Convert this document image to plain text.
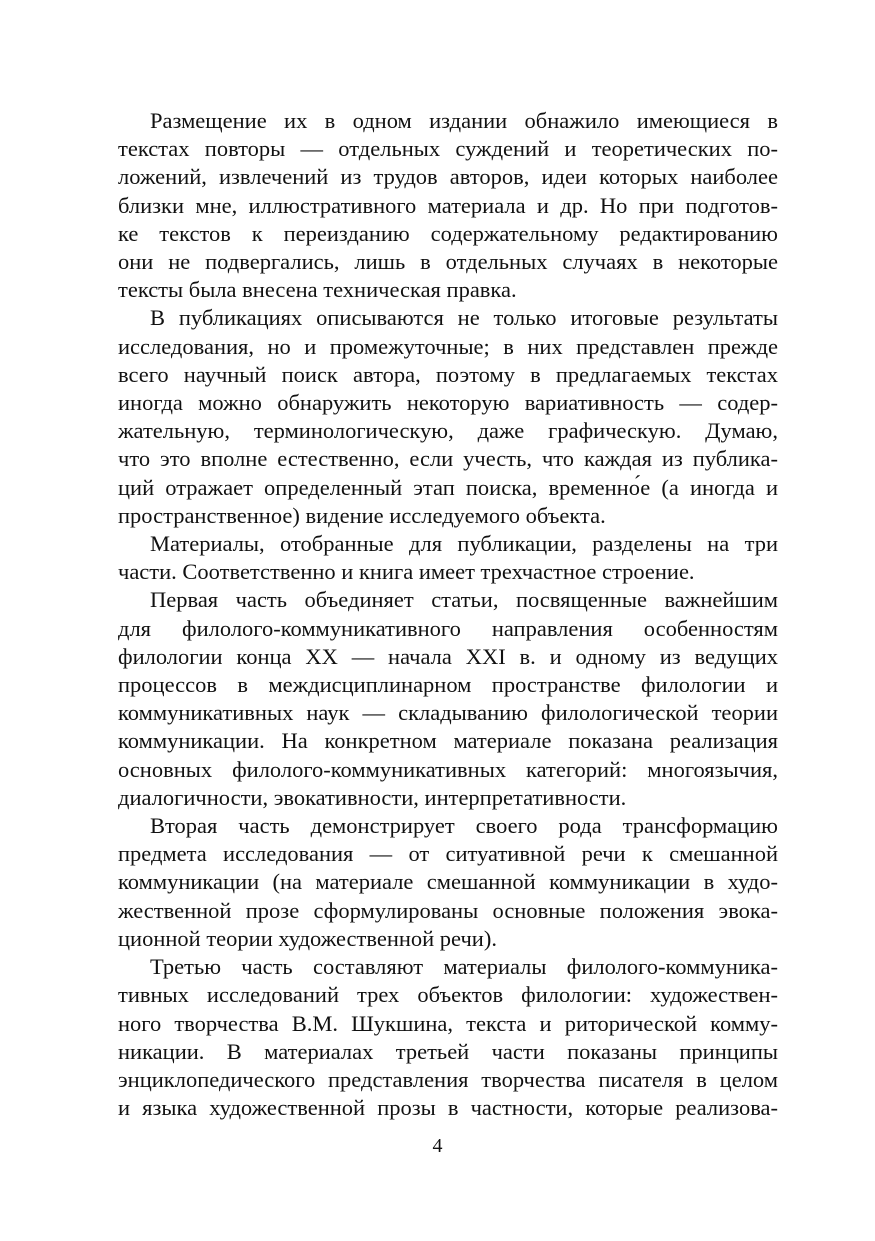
Размещение их в одном издании обнажило имеющиеся в
текстах повторы — отдельных суждений и теоретических по-
ложений, извлечений из трудов авторов, идеи которых наиболее
близки мне, иллюстративного материала и др. Но при подготов-
ке текстов к переизданию содержательному редактированию
они не подвергались, лишь в отдельных случаях в некоторые
тексты была внесена техническая правка.
В публикациях описываются не только итоговые результаты
исследования, но и промежуточные; в них представлен прежде
всего научный поиск автора, поэтому в предлагаемых текстах
иногда можно обнаружить некоторую вариативность — содер-
жательную, терминологическую, даже графическую. Думаю,
что это вполне естественно, если учесть, что каждая из публика-
ций отражает определенный этап поиска, временно́е (а иногда и
пространственное) видение исследуемого объекта.
Материалы, отобранные для публикации, разделены на три
части. Соответственно и книга имеет трехчастное строение.
Первая часть объединяет статьи, посвященные важнейшим
для филолого-коммуникативного направления особенностям
филологии конца XX — начала XXI в. и одному из ведущих
процессов в междисциплинарном пространстве филологии и
коммуникативных наук — складыванию филологической теории
коммуникации. На конкретном материале показана реализация
основных филолого-коммуникативных категорий: многоязычия,
диалогичности, эвокативности, интерпретативности.
Вторая часть демонстрирует своего рода трансформацию
предмета исследования — от ситуативной речи к смешанной
коммуникации (на материале смешанной коммуникации в худо-
жественной прозе сформулированы основные положения эвока-
ционной теории художественной речи).
Третью часть составляют материалы филолого-коммуника-
тивных исследований трех объектов филологии: художествен-
ного творчества В.М. Шукшина, текста и риторической комму-
никации. В материалах третьей части показаны принципы
энциклопедического представления творчества писателя в целом
и языка художественной прозы в частности, которые реализова-
4
